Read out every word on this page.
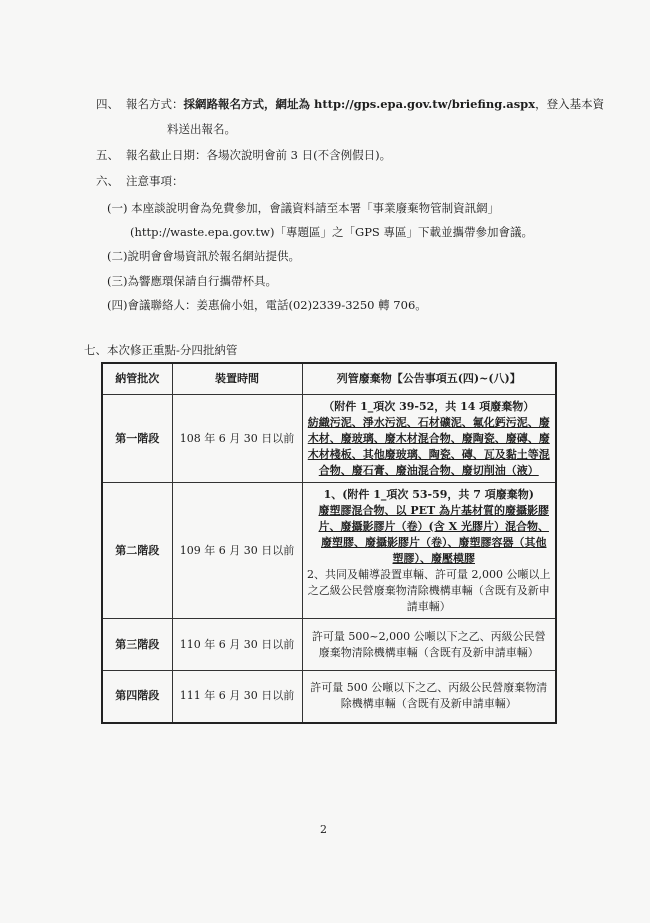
四、 報名方式：採網路報名方式，網址為 http://gps.epa.gov.tw/briefing.aspx，登入基本資
料送出報名。
五、 報名截止日期：各場次說明會前 3 日(不含例假日)。
六、 注意事項：
(一) 本座談說明會為免費參加，會議資料請至本署「事業廢棄物管制資訊網」
(http://waste.epa.gov.tw)「專題區」之「GPS 專區」下載並攜帶參加會議。
(二)說明會會場資訊於報名網站提供。
(三)為響應環保請自行攜帶杯具。
(四)會議聯絡人：姜惠倫小姐，電話(02)2339-3250 轉 706。
七、 本次修正重點-分四批納管
納管批次	裝置時間	列管廢棄物【公告事項五(四)~(八)】
第一階段	108 年 6 月 30 日以前	（附件 1_項次 39-52，共 14 項廢棄物）
紡織污泥、淨水污泥、石材礦泥、氟化鈣污泥、廢木材、廢玻璃、廢木材混合物、廢陶瓷、廢磚、廢木材棧板、其他廢玻璃、陶瓷、磚、瓦及黏土等混合物、廢石膏、廢油混合物、廢切削油（液）

第二階段	109 年 6 月 30 日以前	1、(附件 1_項次 53-59，共 7 項廢棄物)
廢塑膠混合物、以 PET 為片基材質的廢攝影膠片、廢攝影膠片（卷）(含 X 光膠片）混合物、廢塑膠、廢攝影膠片（卷）、廢塑膠容器（其他塑膠）、廢壓模膠
2、共同及輔導設置車輛、許可量 2,000 公噸以上之乙級公民營廢棄物清除機構車輛（含既有及新申請車輛）

第三階段	110 年 6 月 30 日以前	許可量 500~2,000 公噸以下之乙、丙級公民營廢棄物清除機構車輛（含既有及新申請車輛）
第四階段	111 年 6 月 30 日以前	許可量 500 公噸以下之乙、丙級公民營廢棄物清除機構車輛（含既有及新申請車輛）
2
